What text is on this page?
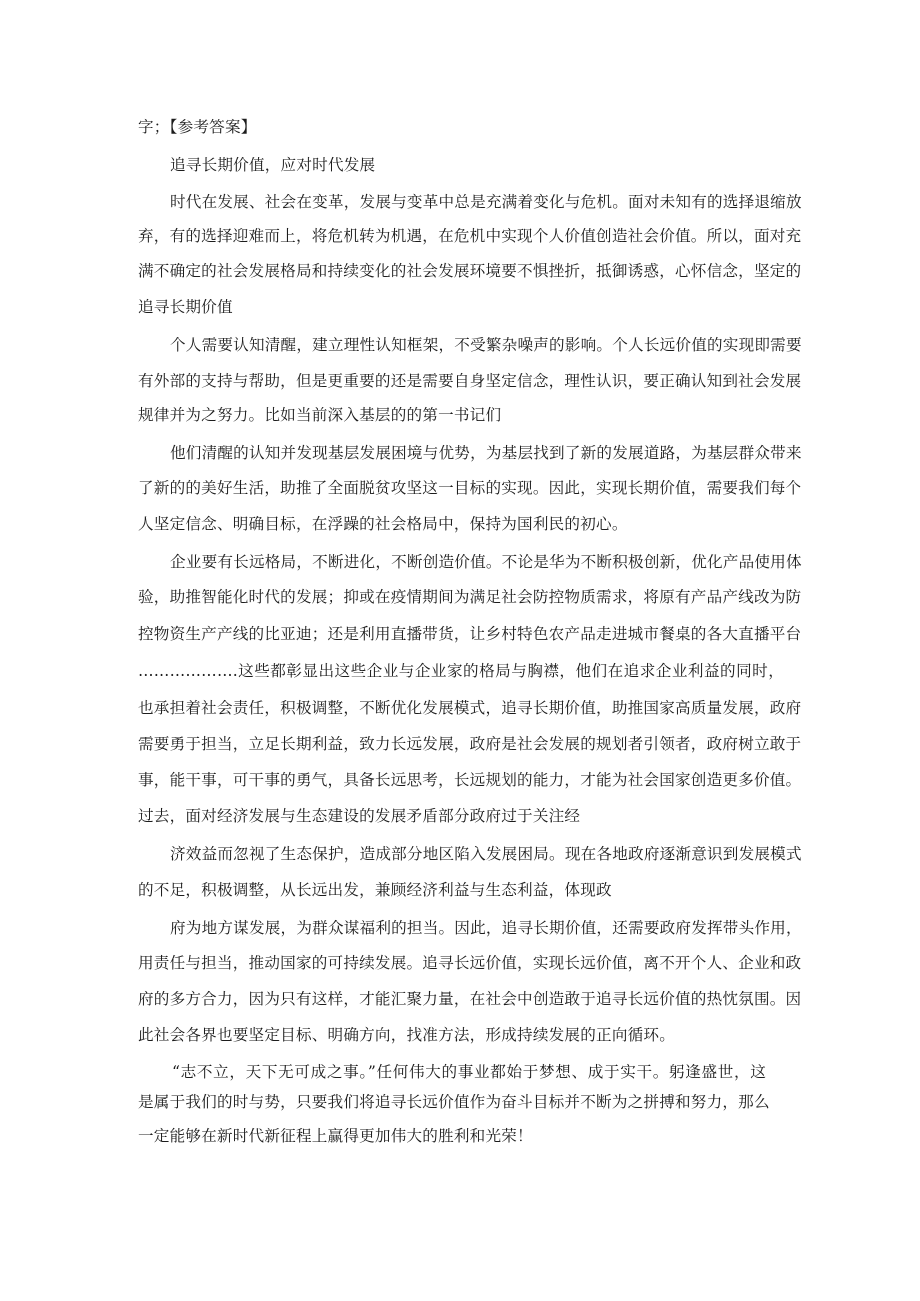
字；【参考答案】
追寻长期价值，应对时代发展
时代在发展、社会在变革，发展与变革中总是充满着变化与危机。面对未知有的选择退缩放
弃，有的选择迎难而上，将危机转为机遇，在危机中实现个人价值创造社会价值。所以，面对充
满不确定的社会发展格局和持续变化的社会发展环境要不惧挫折，抵御诱惑，心怀信念，坚定的
追寻长期价值
个人需要认知清醒，建立理性认知框架，不受繁杂噪声的影响。个人长远价值的实现即需要
有外部的支持与帮助，但是更重要的还是需要自身坚定信念，理性认识，要正确认知到社会发展
规律并为之努力。比如当前深入基层的的第一书记们
他们清醒的认知并发现基层发展困境与优势，为基层找到了新的发展道路，为基层群众带来
了新的的美好生活，助推了全面脱贫攻坚这一目标的实现。因此，实现长期价值，需要我们每个
人坚定信念、明确目标，在浮躁的社会格局中，保持为国利民的初心。
企业要有长远格局，不断进化，不断创造价值。不论是华为不断积极创新，优化产品使用体
验，助推智能化时代的发展；抑或在疫情期间为满足社会防控物质需求，将原有产品产线改为防
控物资生产产线的比亚迪；还是利用直播带货，让乡村特色农产品走进城市餐桌的各大直播平台
……………….这些都彰显出这些企业与企业家的格局与胸襟，他们在追求企业利益的同时，
也承担着社会责任，积极调整，不断优化发展模式，追寻长期价值，助推国家高质量发展，政府
需要勇于担当，立足长期利益，致力长远发展，政府是社会发展的规划者引领者，政府树立敢于
事，能干事，可干事的勇气，具备长远思考，长远规划的能力，才能为社会国家创造更多价值。
过去，面对经济发展与生态建设的发展矛盾部分政府过于关注经
济效益而忽视了生态保护，造成部分地区陷入发展困局。现在各地政府逐渐意识到发展模式
的不足，积极调整，从长远出发，兼顾经济利益与生态利益，体现政
府为地方谋发展，为群众谋福利的担当。因此，追寻长期价值，还需要政府发挥带头作用，
用责任与担当，推动国家的可持续发展。追寻长远价值，实现长远价值，离不开个人、企业和政
府的多方合力，因为只有这样，才能汇聚力量，在社会中创造敢于追寻长远价值的热忱氛围。因
此社会各界也要坚定目标、明确方向，找准方法，形成持续发展的正向循环。
“志不立，天下无可成之事。”任何伟大的事业都始于梦想、成于实干。躬逢盛世，这
是属于我们的时与势，只要我们将追寻长远价值作为奋斗目标并不断为之拼搏和努力，那么
一定能够在新时代新征程上赢得更加伟大的胜利和光荣！
